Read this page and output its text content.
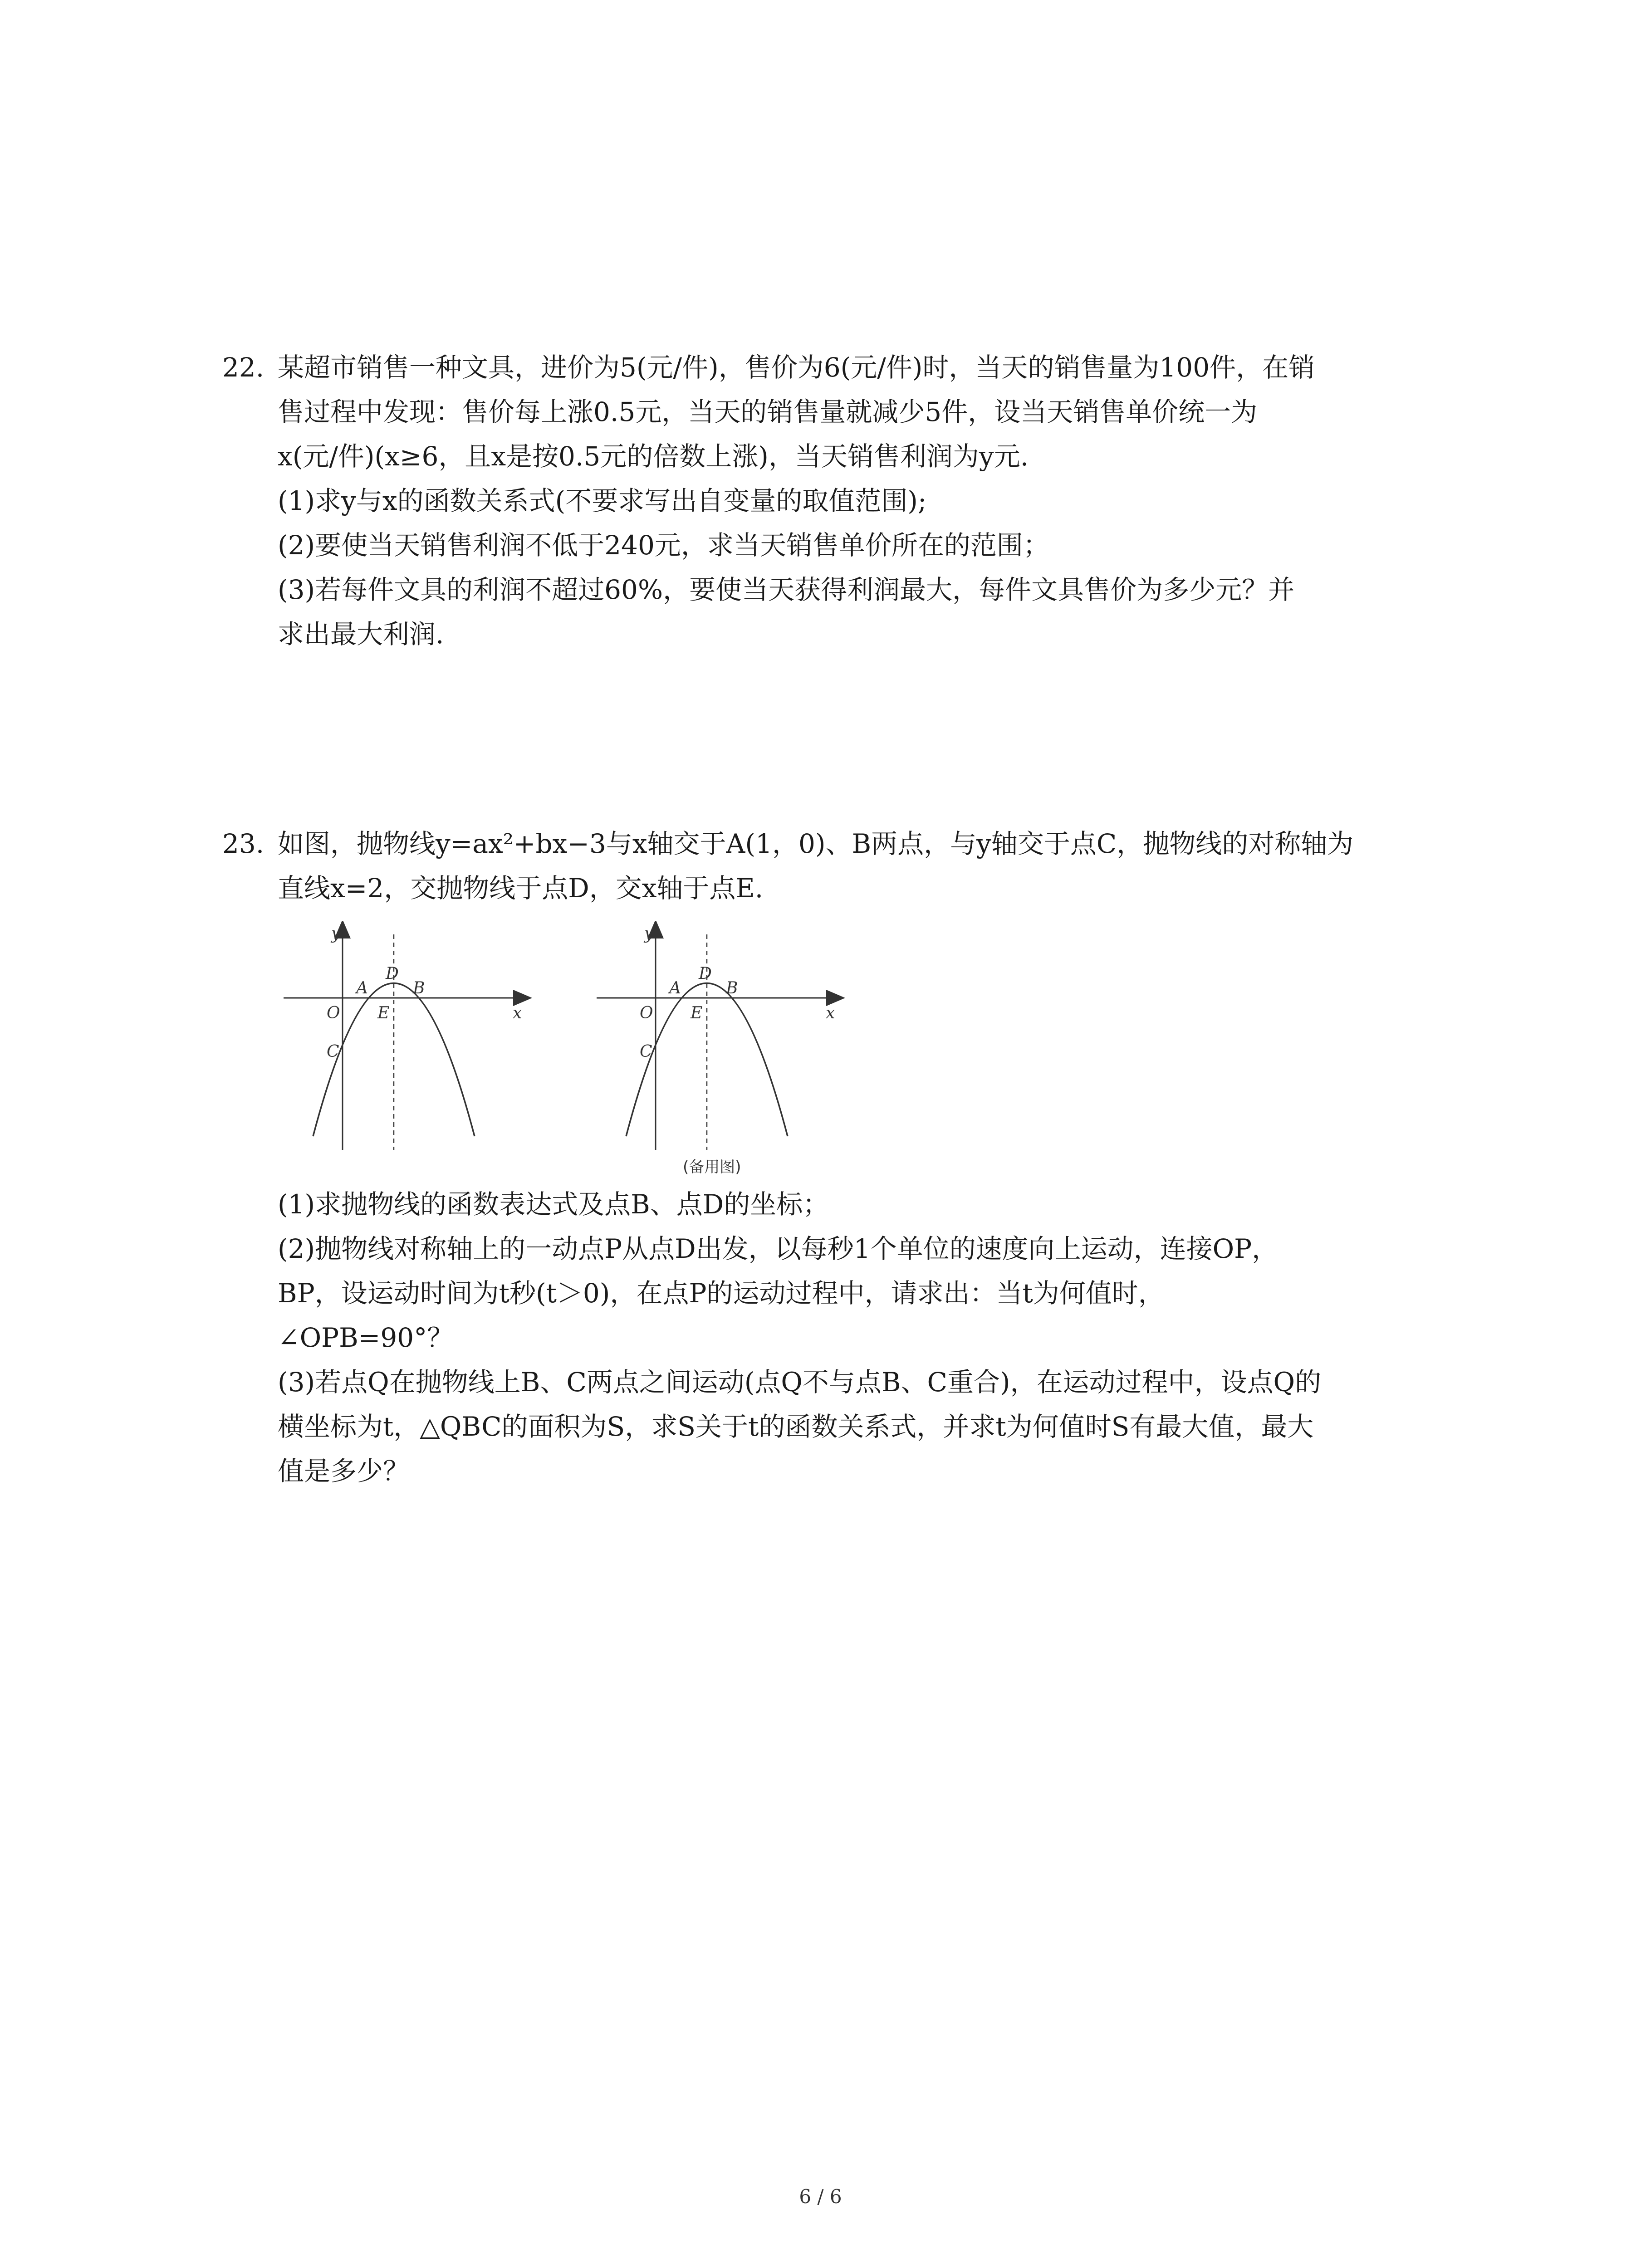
22. 某超市销售一种文具，进价为5(元/件)，售价为6(元/件)时，当天的销售量为100件，在销
售过程中发现：售价每上涨0.5元，当天的销售量就减少5件，设当天销售单价统一为
x(元/件)(x≥6，且x是按0.5元的倍数上涨)，当天销售利润为y元.
(1)求y与x的函数关系式(不要求写出自变量的取值范围);
(2)要使当天销售利润不低于240元，求当天销售单价所在的范围；
(3)若每件文具的利润不超过60%，要使当天获得利润最大，每件文具售价为多少元？并
求出最大利润.
23. 如图，抛物线y=ax²+bx−3与x轴交于A(1，0)、B两点，与y轴交于点C，抛物线的对称轴为
直线x=2，交抛物线于点D，交x轴于点E.
y
x
O
A
D
B
E
C
y
x
O
A
D
B
E
C
(备用图)
(1)求抛物线的函数表达式及点B、点D的坐标；
(2)抛物线对称轴上的一动点P从点D出发，以每秒1个单位的速度向上运动，连接OP，
BP，设运动时间为t秒(t＞0)，在点P的运动过程中，请求出：当t为何值时，
∠OPB=90°？
(3)若点Q在抛物线上B、C两点之间运动(点Q不与点B、C重合)，在运动过程中，设点Q的
横坐标为t，△QBC的面积为S，求S关于t的函数关系式，并求t为何值时S有最大值，最大
值是多少？
6 / 6
